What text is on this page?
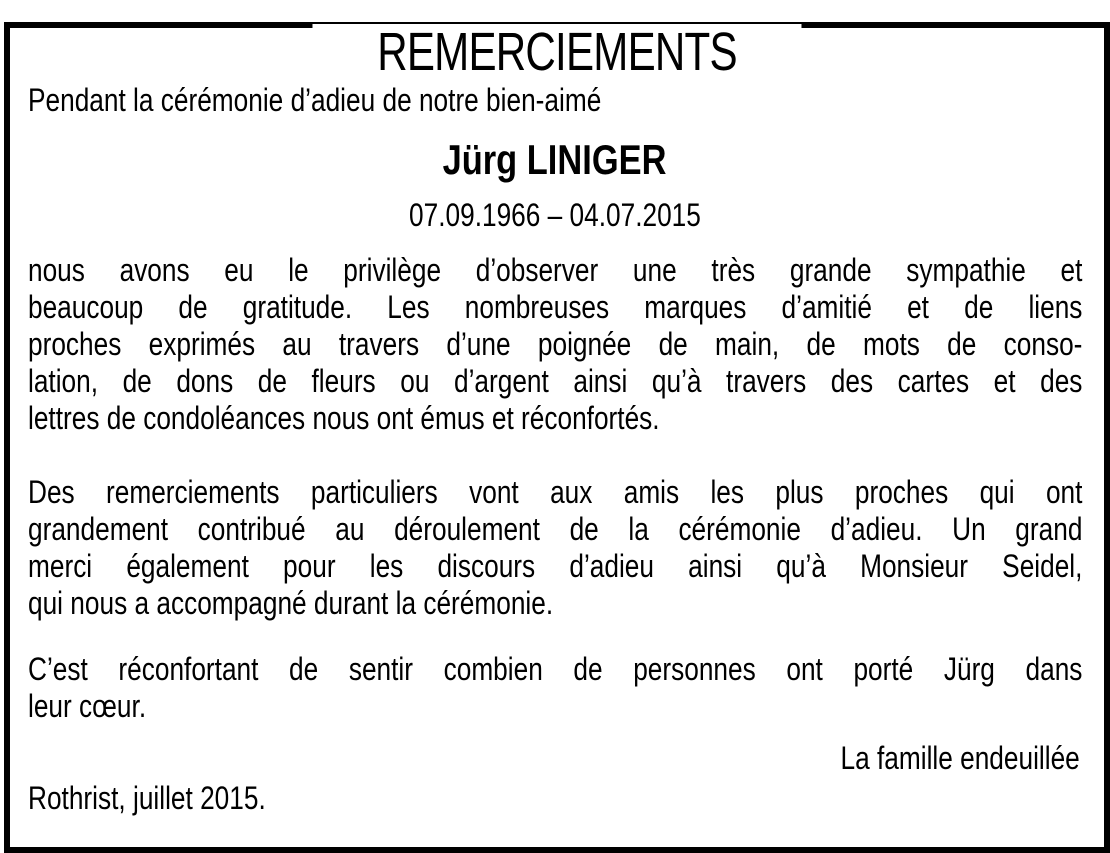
REMERCIEMENTS
Pendant la cérémonie d’adieu de notre bien-aimé
Jürg LINIGER
07.09.1966 – 04.07.2015
nous avons eu le privilège d’observer une très grande sympathie et
beaucoup de gratitude. Les nombreuses marques d’amitié et de liens
proches exprimés au travers d’une poignée de main, de mots de conso-
lation, de dons de fleurs ou d’argent ainsi qu’à travers des cartes et des
lettres de condoléances nous ont émus et réconfortés.
Des remerciements particuliers vont aux amis les plus proches qui ont
grandement contribué au déroulement de la cérémonie d’adieu. Un grand
merci également pour les discours d’adieu ainsi qu’à Monsieur Seidel,
qui nous a accompagné durant la cérémonie.
C’est réconfortant de sentir combien de personnes ont porté Jürg dans
leur cœur.
La famille endeuillée
Rothrist, juillet 2015.
